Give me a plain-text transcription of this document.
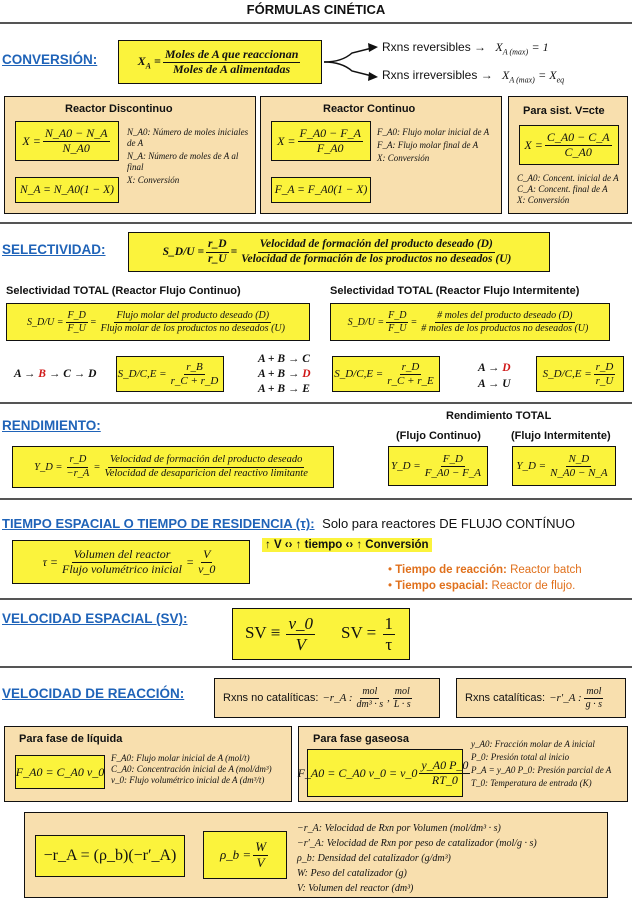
FÓRMULAS CINÉTICA
CONVERSIÓN:	$X_A = \frac{\text{Moles de A que reaccionan}}{\text{Moles de A alimentadas}}$
Rxns reversibles → $X_{A (max)} = 1$
Rxns irreversibles → $X_{A (max)} = X_{eq}$
Reactor Discontinuo
$X = \frac{N\_A0 - N\_A}{N\_A0}$
N_A = N_A0(1 − X)
N_A0: Número de moles iniciales de A
N_A: Número de moles de A al final
X: Conversión
Reactor Continuo
$X = \frac{F\_A0 - F\_A}{F\_A0}$
F_A = F_A0(1 − X)
F_A0: Flujo molar inicial de A
F_A: Flujo molar final de A
X: Conversión
Para sist. V=cte
$X = \frac{C\_A0 - C\_A}{C\_A0}$
C_A0: Concent. inicial de A
C_A: Concent. final de A
X: Conversión
SELECTIVIDAD:	S_D/U = $\frac{r\_D}{r\_U} = \frac{\text{Velocidad de formación del producto deseado (D)}}{\text{Velocidad de formación de los productos no deseados (U)}}$
Selectividad TOTAL (Reactor Flujo Continuo)	Selectividad TOTAL (Reactor Flujo Intermitente)
S_D/U = $\frac{F\_D}{F\_U} = \frac{\text{Flujo molar del producto deseado (D)}}{\text{Flujo molar de los productos no deseados (U)}}$	S_D/U = $\frac{F\_D}{F\_U} = \frac{\text{\# moles del producto deseado (D)}}{\text{\# moles de los productos no deseados (U)}}$
A → B → C → D S_D/C,E = $\frac{r\_B}{r\_C + r\_D}$
A + B → C
A + B → D
A + B → E
S_D/C,E = $\frac{r\_D}{r\_C + r\_E}$	A → D
A → U
S_D/C,E = $\frac{r\_D}{r\_U}$
RENDIMIENTO:
Y_D = $\frac{r\_D}{-r\_A} = \frac{\text{Velocidad de formación del producto deseado}}{\text{Velocidad de desaparicion del reactivo limitante}}$
Rendimiento TOTAL
(Flujo Continuo)	(Flujo Intermitente)
Y_D = $\frac{F\_D}{F\_A0 - F\_A}$	Y_D = $\frac{N\_D}{N\_A0 - N\_A}$
TIEMPO ESPACIAL O TIEMPO DE RESIDENCIA (τ): Solo para reactores DE FLUJO CONTÍNUO
$\tau = \frac{\text{Volumen del reactor}}{\text{Flujo volumétrico inicial}} = \frac{V}{v\_0}$
↑ V ‹› ↑ tiempo ‹› ↑ Conversión
• Tiempo de reacción: Reactor batch
• Tiempo espacial: Reactor de flujo.
VELOCIDAD ESPACIAL (SV):
SV ≡ $\frac{v\_0}{V}$ SV = $\frac{1}{\tau}$
VELOCIDAD DE REACCIÓN:	Rxns no catalíticas: −r_A : $\frac{\text{mol}}{\text{dm³ · s}}$ , $\frac{\text{mol}}{L \cdot s}$	Rxns catalíticas: −r′_A : $\frac{\text{mol}}{g \cdot s}$
Para fase de líquida
F_A0 = C_A0 v_0
F_A0: Flujo molar inicial de A (mol/t)
C_A0: Concentración inicial de A (mol/dm³)
v_0: Flujo volumétrico inicial de A (dm³/t)
Para fase gaseosa
F_A0 = C_A0 v_0 = v_0 $\frac{y\_A0 P\_0}{RT\_0}$
y_A0: Fracción molar de A inicial
P_0: Presión total al inicio
P_A = y_A0 P_0: Presión parcial de A
T_0: Temperatura de entrada (K)
−r_A = (ρ_b)(−r′_A)	ρ_b = $\frac{W}{V}$
−r_A: Velocidad de Rxn por Volumen (mol/dm³ · s)
−r′_A: Velocidad de Rxn por peso de catalizador (mol/g · s)
ρ_b: Densidad del catalizador (g/dm³)
W: Peso del catalizador (g)
V: Volumen del reactor (dm³)
